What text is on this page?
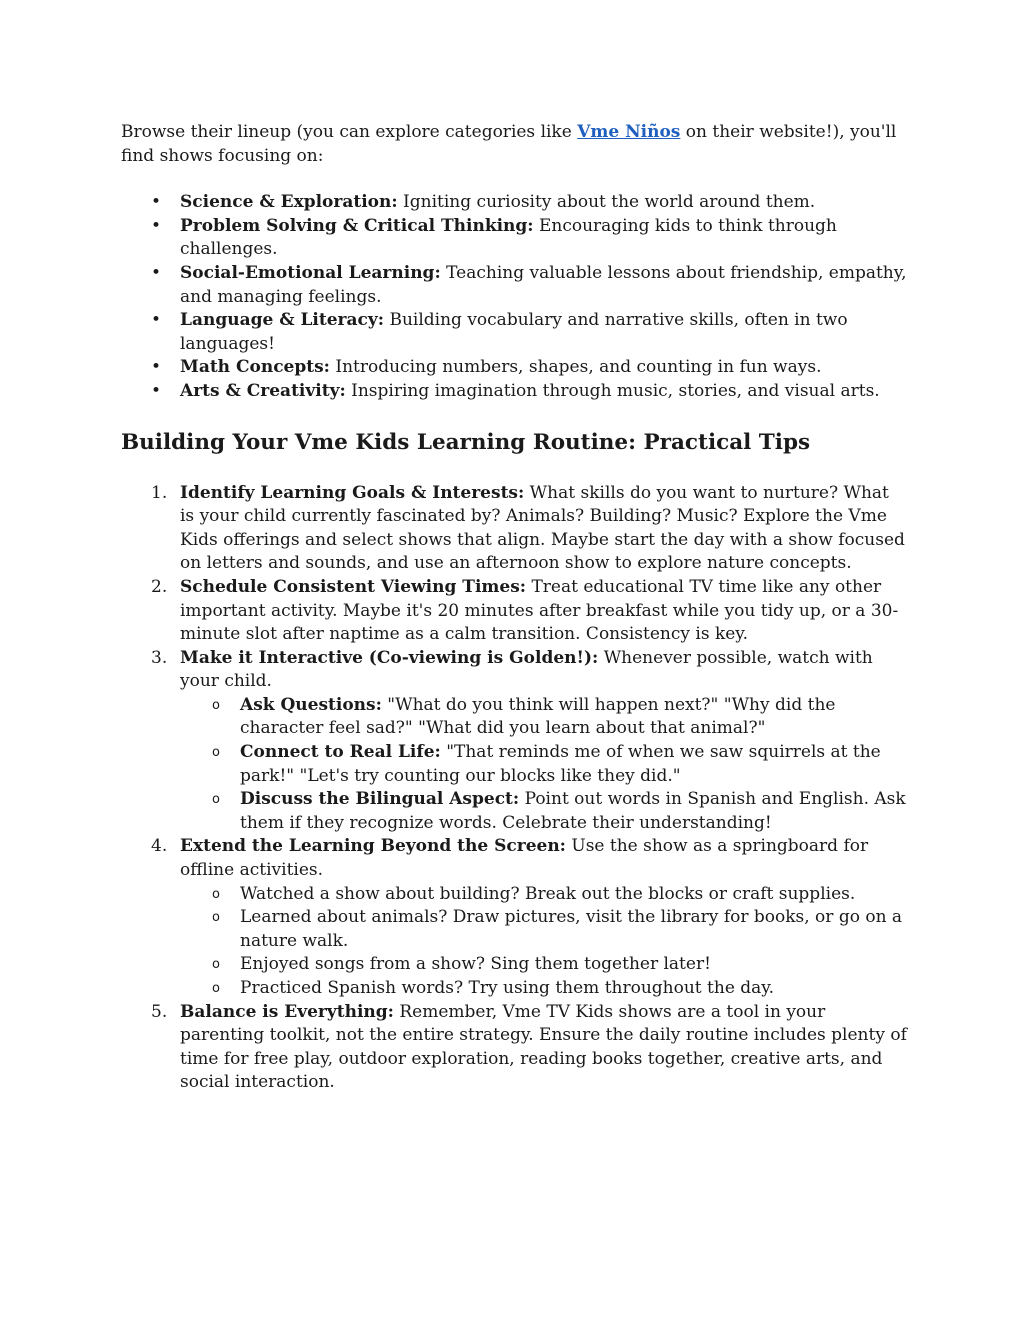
Browse their lineup (you can explore categories like Vme Niños on their website!), you'll find shows focusing on:

• Science & Exploration: Igniting curiosity about the world around them.
• Problem Solving & Critical Thinking: Encouraging kids to think through challenges.
• Social-Emotional Learning: Teaching valuable lessons about friendship, empathy, and managing feelings.
• Language & Literacy: Building vocabulary and narrative skills, often in two languages!
• Math Concepts: Introducing numbers, shapes, and counting in fun ways.
• Arts & Creativity: Inspiring imagination through music, stories, and visual arts.
Building Your Vme Kids Learning Routine: Practical Tips
1. Identify Learning Goals & Interests: What skills do you want to nurture? What is your child currently fascinated by? Animals? Building? Music? Explore the Vme Kids offerings and select shows that align. Maybe start the day with a show focused on letters and sounds, and use an afternoon show to explore nature concepts.
2. Schedule Consistent Viewing Times: Treat educational TV time like any other important activity. Maybe it's 20 minutes after breakfast while you tidy up, or a 30-minute slot after naptime as a calm transition. Consistency is key.
3. Make it Interactive (Co-viewing is Golden!): Whenever possible, watch with your child.
o Ask Questions: "What do you think will happen next?" "Why did the character feel sad?" "What did you learn about that animal?"
o Connect to Real Life: "That reminds me of when we saw squirrels at the park!" "Let's try counting our blocks like they did."
o Discuss the Bilingual Aspect: Point out words in Spanish and English. Ask them if they recognize words. Celebrate their understanding!
4. Extend the Learning Beyond the Screen: Use the show as a springboard for offline activities.
o Watched a show about building? Break out the blocks or craft supplies.
o Learned about animals? Draw pictures, visit the library for books, or go on a nature walk.
o Enjoyed songs from a show? Sing them together later!
o Practiced Spanish words? Try using them throughout the day.
5. Balance is Everything: Remember, Vme TV Kids shows are a tool in your parenting toolkit, not the entire strategy. Ensure the daily routine includes plenty of time for free play, outdoor exploration, reading books together, creative arts, and social interaction.
